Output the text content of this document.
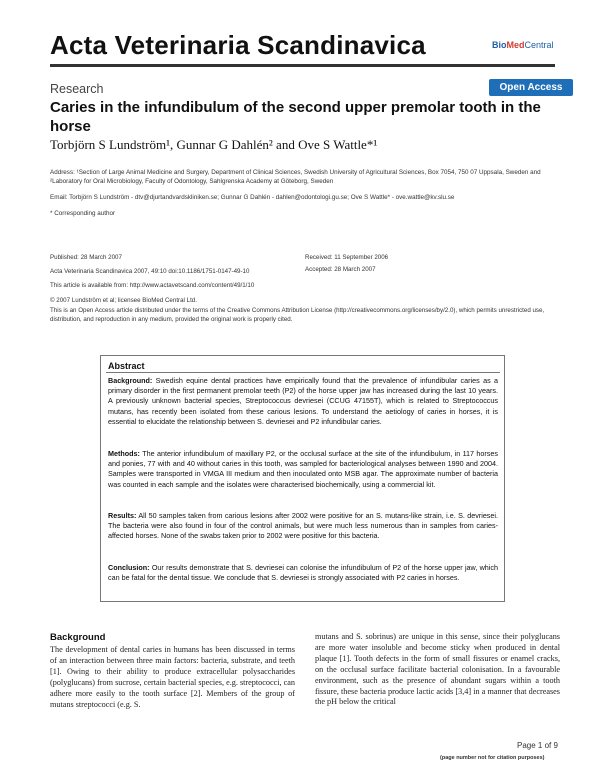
Acta Veterinaria Scandinavica	BioMedCentral
Research	Open Access
Caries in the infundibulum of the second upper premolar tooth in the horse
Torbjörn S Lundström¹, Gunnar G Dahlén² and Ove S Wattle*¹
Address: ¹Section of Large Animal Medicine and Surgery, Department of Clinical Sciences, Swedish University of Agricultural Sciences, Box 7054, 750 07 Uppsala, Sweden and ²Laboratory for Oral Microbiology, Faculty of Odontology, Sahlgrenska Academy at Göteborg, Sweden
Email: Torbjörn S Lundström - dtv@djurtandvardskliniken.se; Gunnar G Dahlén - dahlen@odontologi.gu.se; Ove S Wattle* - ove.wattle@kv.slu.se
* Corresponding author
Published: 28 March 2007	Received: 11 September 2006
Acta Veterinaria Scandinavica 2007, 49:10 doi:10.1186/1751-0147-49-10	Accepted: 28 March 2007
This article is available from: http://www.actavetscand.com/content/49/1/10
© 2007 Lundström et al; licensee BioMed Central Ltd.
This is an Open Access article distributed under the terms of the Creative Commons Attribution License (http://creativecommons.org/licenses/by/2.0), which permits unrestricted use, distribution, and reproduction in any medium, provided the original work is properly cited.
Abstract
Background: Swedish equine dental practices have empirically found that the prevalence of infundibular caries as a primary disorder in the first permanent premolar teeth (P2) of the horse upper jaw has increased during the last 10 years. A previously unknown bacterial species, Streptococcus devriesei (CCUG 47155T), which is related to Streptococcus mutans, has recently been isolated from these carious lesions. To understand the aetiology of caries in horses, it is essential to elucidate the relationship between S. devriesei and P2 infundibular caries.
Methods: The anterior infundibulum of maxillary P2, or the occlusal surface at the site of the infundibulum, in 117 horses and ponies, 77 with and 40 without caries in this tooth, was sampled for bacteriological analyses between 1990 and 2004. Samples were transported in VMGA III medium and then inoculated onto MSB agar. The approximate number of bacteria was counted in each sample and the isolates were characterised biochemically, using a commercial kit.
Results: All 50 samples taken from carious lesions after 2002 were positive for an S. mutans-like strain, i.e. S. devriesei. The bacteria were also found in four of the control animals, but were much less numerous than in samples from caries-affected horses. None of the swabs taken prior to 2002 were positive for this bacteria.
Conclusion: Our results demonstrate that S. devriesei can colonise the infundibulum of P2 of the horse upper jaw, which can be fatal for the dental tissue. We conclude that S. devriesei is strongly associated with P2 caries in horses.
Background
The development of dental caries in humans has been discussed in terms of an interaction between three main factors: bacteria, substrate, and teeth [1]. Owing to their ability to produce extracellular polysaccharides (polyglucans) from sucrose, certain bacterial species, e.g. streptococci, can adhere more easily to the tooth surface [2]. Members of the group of mutans streptococci (e.g. S.
mutans and S. sobrinus) are unique in this sense, since their polyglucans are more water insoluble and become sticky when produced in dental plaque [1]. Tooth defects in the form of small fissures or enamel cracks, on the occlusal surface facilitate bacterial colonisation. In a favourable environment, such as the presence of abundant sugars within a tooth fissure, these bacteria produce lactic acids [3,4] in a manner that decreases the pH below the critical
Page 1 of 9
(page number not for citation purposes)
